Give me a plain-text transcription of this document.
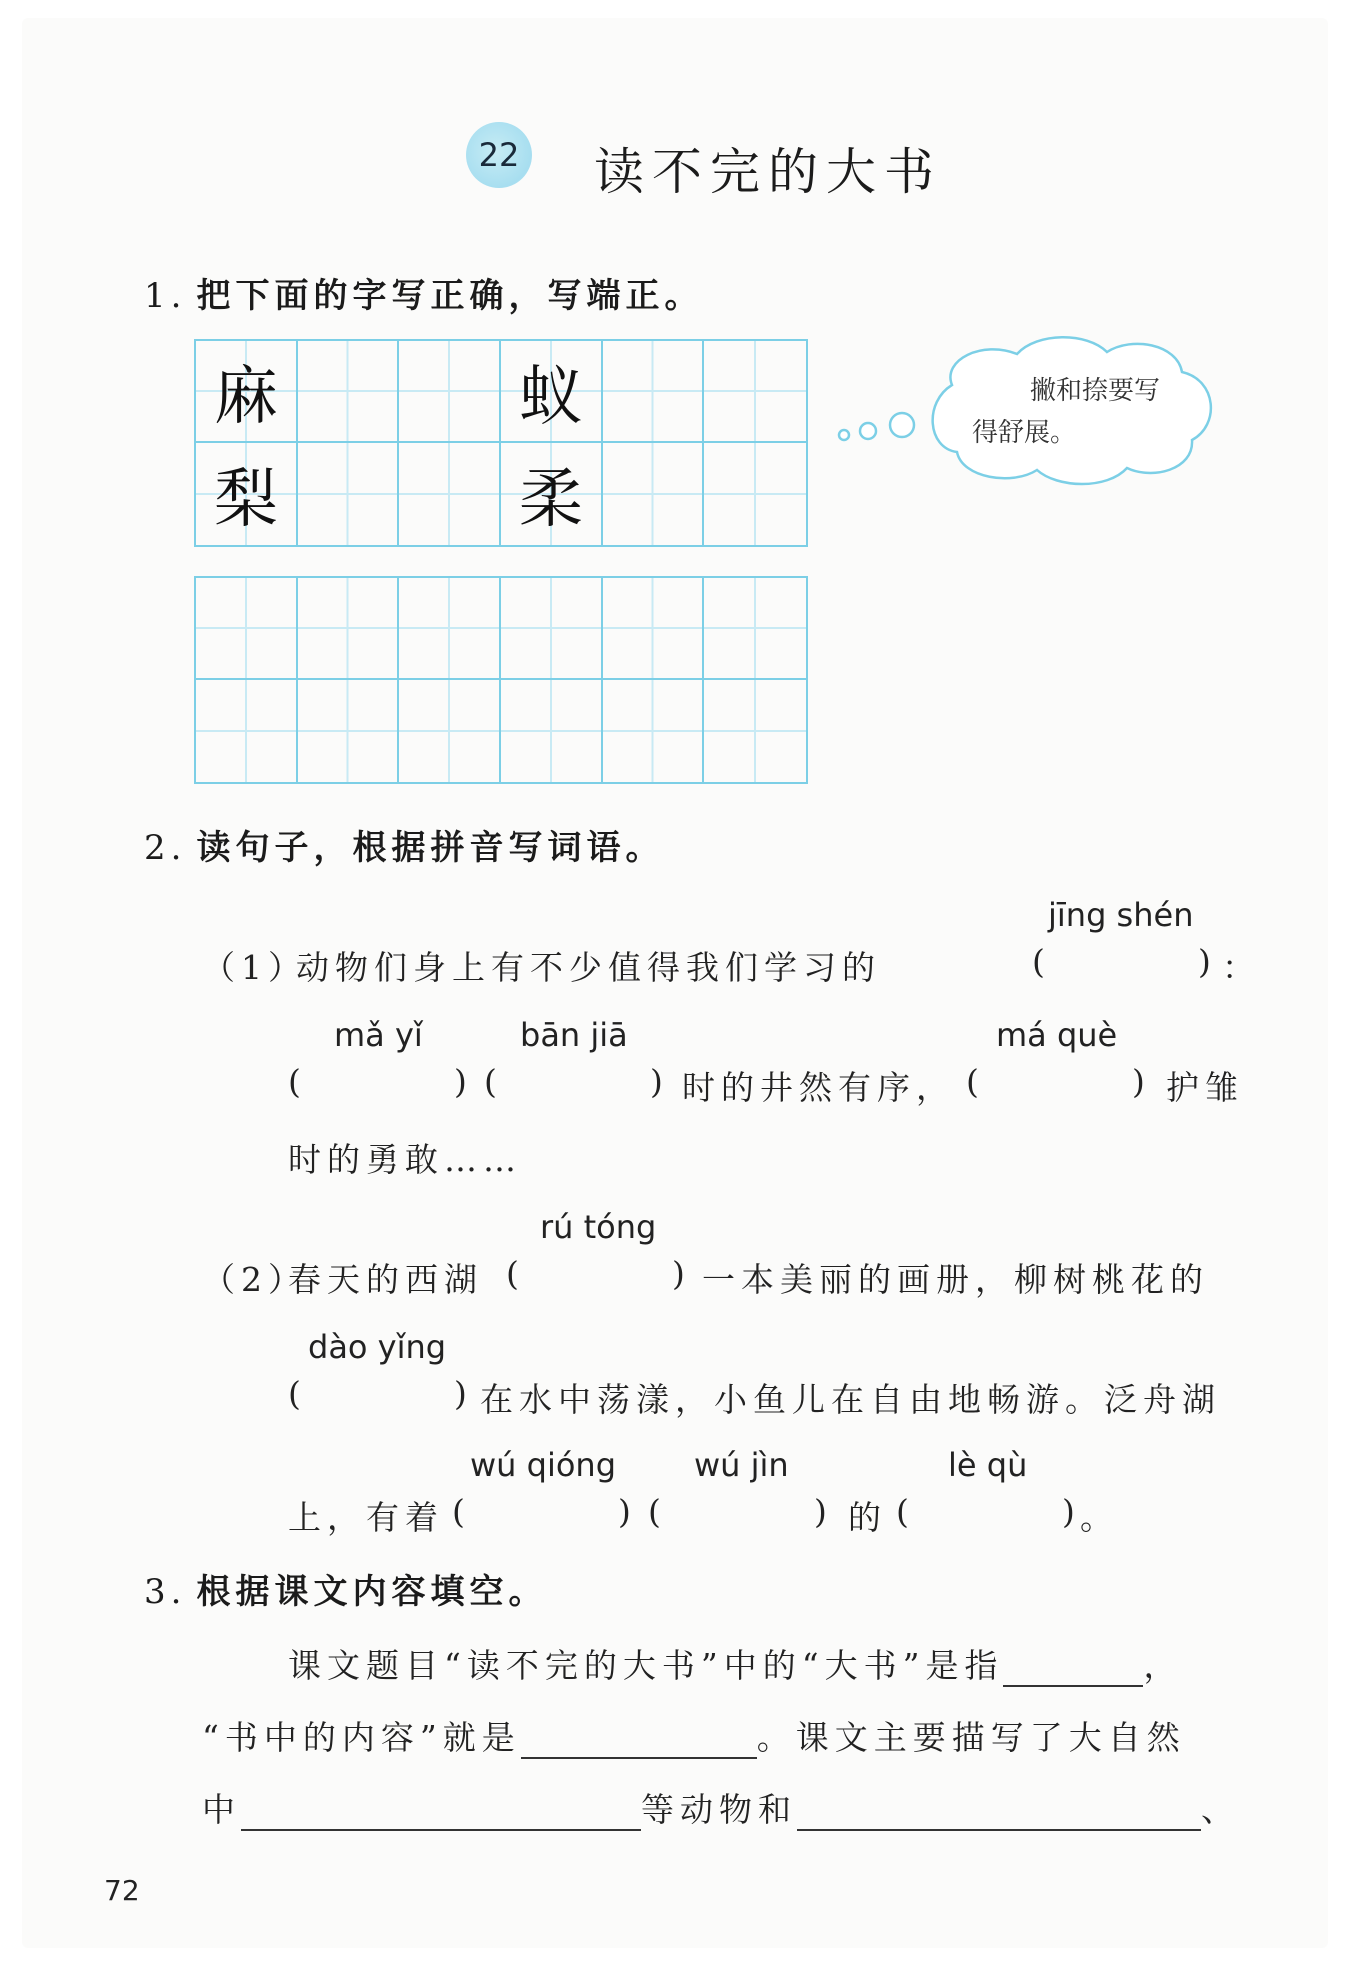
22 读不完的大书
1. 把下面的字写正确，写端正。
麻	蚁
梨	柔
撇和捺要写
得舒展。
2. 读句子，根据拼音写词语。
jīng shén
（1）
动物们身上有不少值得我们学习的	(	) ：
mǎ yǐ	bān jiā	má què
(	) (	) 时的井然有序， (	) 护雏
时的勇敢……
rú tóng
（2）
春天的西湖 (	) 一本美丽的画册，柳树桃花的
dào yǐng
(	) 在水中荡漾，小鱼儿在自由地畅游。泛舟湖
wú qióng wú jìn	lè qù
上，有着 (	) (	) 的 (	) 。
3. 根据课文内容填空。
课文题目“读不完的大书”中的“大书”是指	，
“书中的内容”就是	。课文主要描写了大自然
中	等动物和	、
72
